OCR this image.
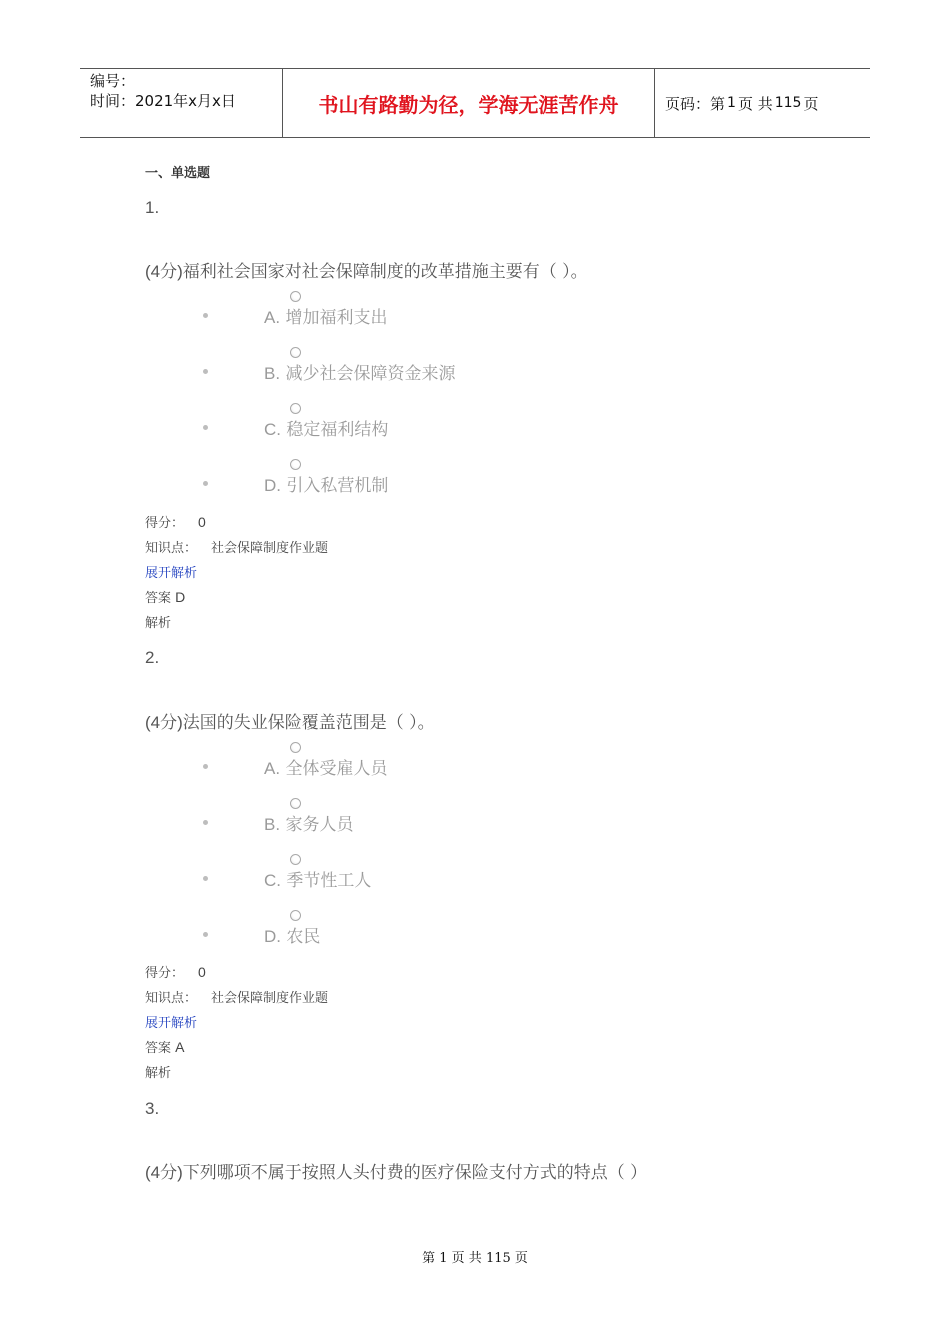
编号：
时间：2021年x月x日	书山有路勤为径，学海无涯苦作舟	页码：第 1 页 共 115 页
一、单选题
1.
(4分)福利社会国家对社会保障制度的改革措施主要有（ ）。
A. 增加福利支出
B. 减少社会保障资金来源
C. 稳定福利结构
D. 引入私营机制
得分： 0
知识点： 社会保障制度作业题
展开解析
答案 D
解析
2.
(4分)法国的失业保险覆盖范围是（ ）。
A. 全体受雇人员
B. 家务人员
C. 季节性工人
D. 农民
得分： 0
知识点： 社会保障制度作业题
展开解析
答案 A
解析
3.
(4分)下列哪项不属于按照人头付费的医疗保险支付方式的特点（ ）
第 1 页 共 115 页
